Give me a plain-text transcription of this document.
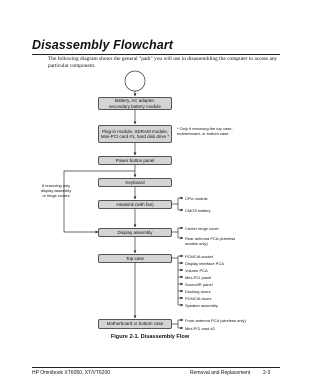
Disassembly Flowchart
The following diagram shows the general "path" you will use in disassembling the computer to access any particular component.
Battery, AC adapter,
secondary battery module
Plug-in module, SDRAM module,
Mini-PCI card #1, hard disk drive *
Power button panel
Keyboard
Heatsink (with fan)
Display assembly
Top case
Motherboard or bottom case
* Only if removing the top case,
motherboard, or bottom case.
If removing only
display assembly
or hinge covers	CPU module
CMOS battery
Center hinge cover
Rear antenna PCA (wireless
models only)
PCMCIA socket
Display interface PCA
Volume PCA
Mini-PCI panel
Sound/IR panel
Docking doors
PCMCIA doors
Speaker assembly
Front antenna PCA (wireless only)
Mini-PCI card #2
Figure 2-1. Disassembly Flow
HP Omnibook XT6050, XT/VT6200	Removal and Replacement	2-3
